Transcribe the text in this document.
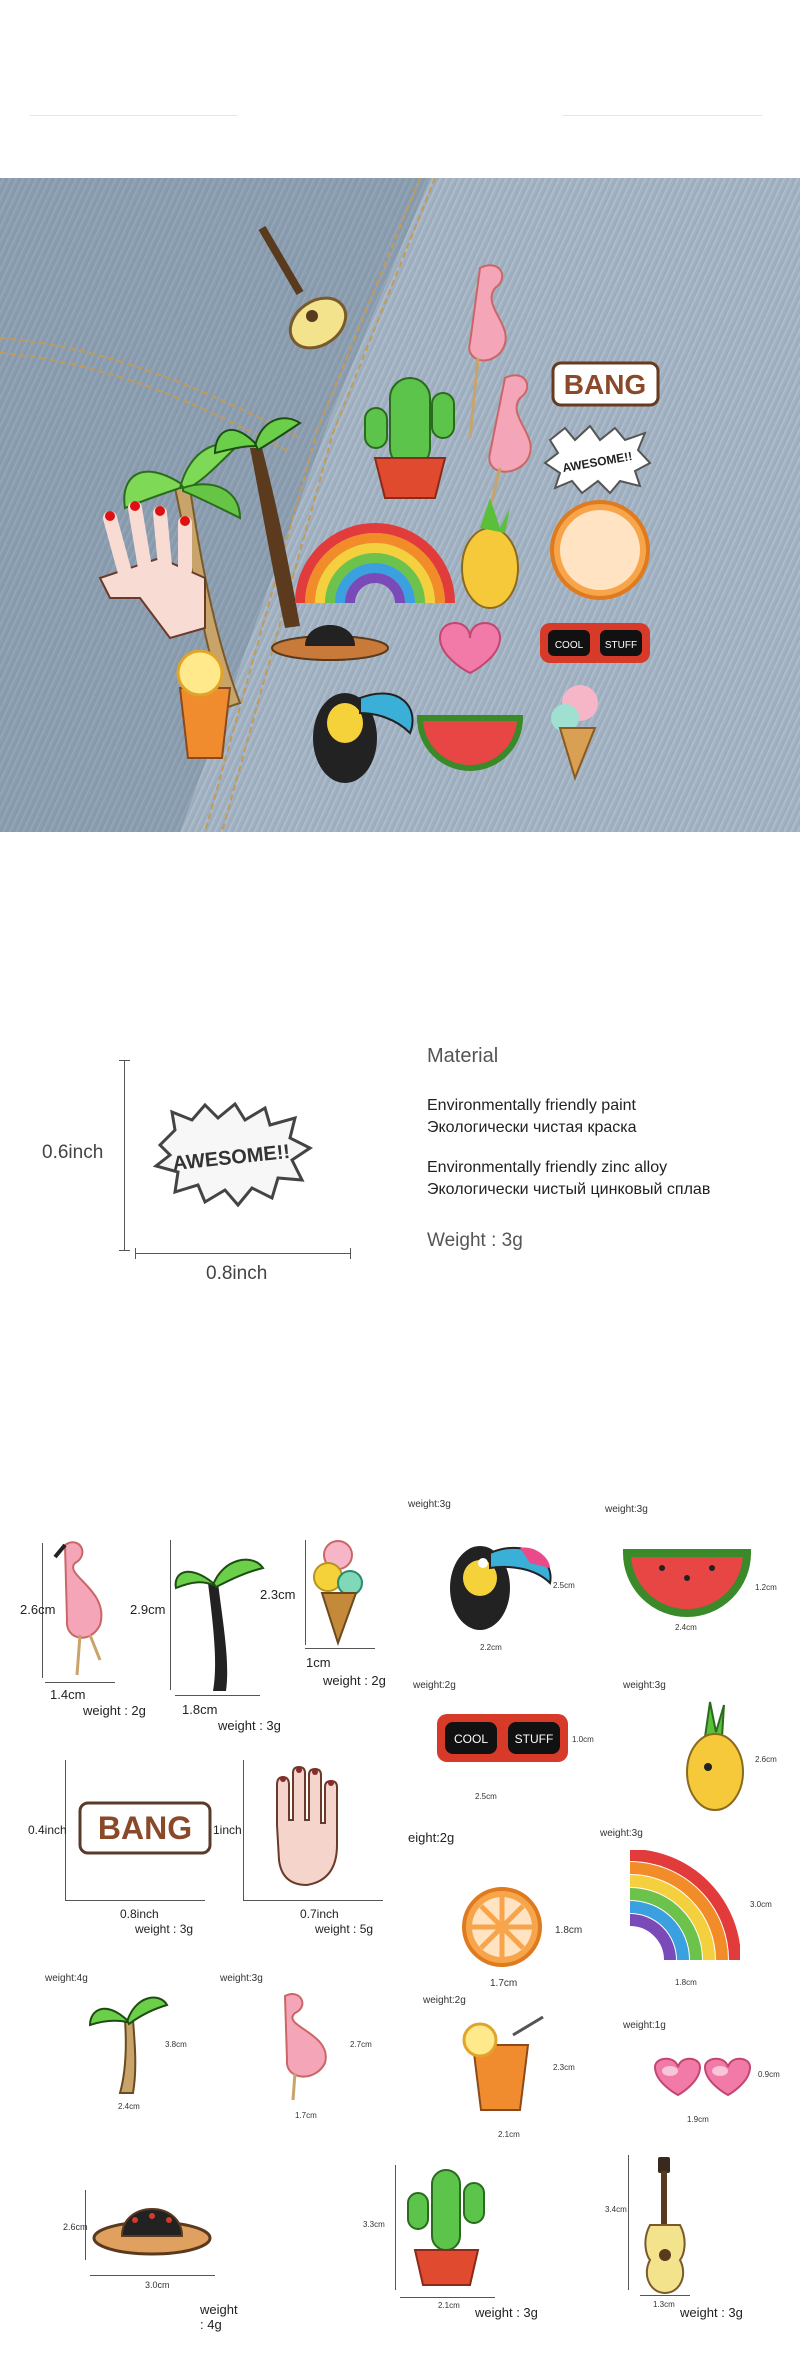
BANG
AWESOME!!
COOL STUFF
0.6inch
0.8inch
AWESOME!!
Material
Environmentally friendly paint
Экологически чистая краска
Environmentally friendly zinc alloy
Экологически чистый цинковый сплав
Weight : 3g
2.6cm
1.4cm
weight : 2g
2.9cm
1.8cm
weight : 3g
2.3cm
1cm
weight : 2g
weight:3g
2.5cm
2.2cm
weight:3g
1.2cm
2.4cm
0.4inch BANG
0.8inch
weight : 3g
1inch
0.7inch
weight : 5g
weight:2g
COOL STUFF 1.0cm
2.5cm
weight:3g
2.6cm
eight:2g
1.8cm
1.7cm
weight:3g
3.0cm
1.8cm
weight:4g
3.8cm
2.4cm
weight:3g
2.7cm
1.7cm
weight:2g
2.3cm
2.1cm
weight:1g
0.9cm
1.9cm
2.6cm
3.0cm
weight : 4g
3.3cm
2.1cm weight : 3g
3.4cm
1.3cm
weight : 3g
